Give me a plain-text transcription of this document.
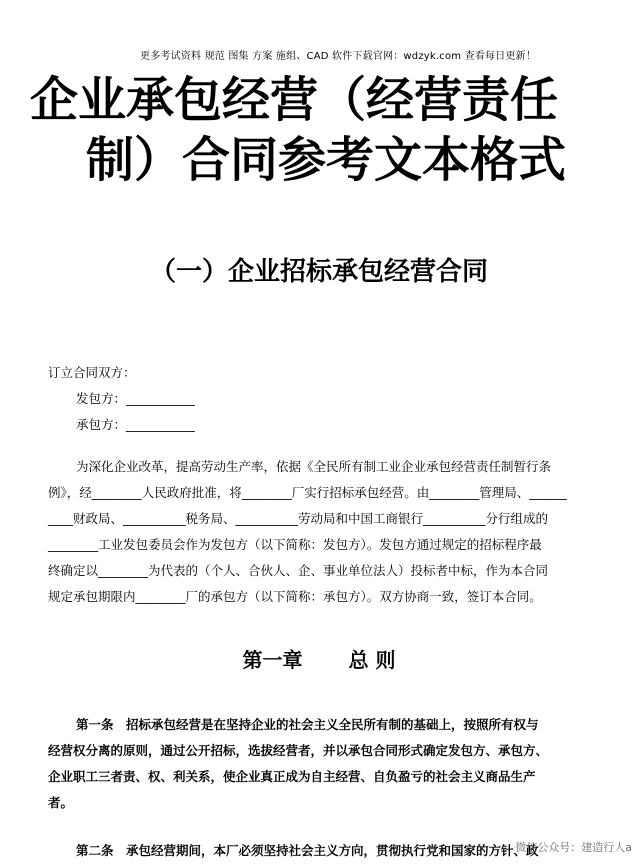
更多考试资料 规范 图集 方案 施组、CAD 软件下载官网：wdzyk.com 查看每日更新！
企业承包经营（经营责任
制）合同参考文本格式
（一）企业招标承包经营合同
订立合同双方：
发包方：___________
承包方：___________
为深化企业改革，提高劳动生产率，依据《全民所有制工业企业承包经营责任制暂行条
例》，经________人民政府批准，将________厂实行招标承包经营。由________管理局、______
____财政局、__________税务局、__________劳动局和中国工商银行__________分行组成的
________工业发包委员会作为发包方（以下简称：发包方）。发包方通过规定的招标程序最
终确定以________为代表的（个人、合伙人、企、事业单位法人）投标者中标，作为本合同
规定承包期限内________厂的承包方（以下简称：承包方）。双方协商一致，签订本合同。
第一章 总 则
第一条　招标承包经营是在坚持企业的社会主义全民所有制的基础上，按照所有权与
经营权分离的原则，通过公开招标，选拔经营者，并以承包合同形式确定发包方、承包方、
企业职工三者责、权、利关系，使企业真正成为自主经营、自负盈亏的社会主义商品生产
者。
第二条　承包经营期间，本厂必须坚持社会主义方向，贯彻执行党和国家的方针、政
微信公众号：建造行人a
